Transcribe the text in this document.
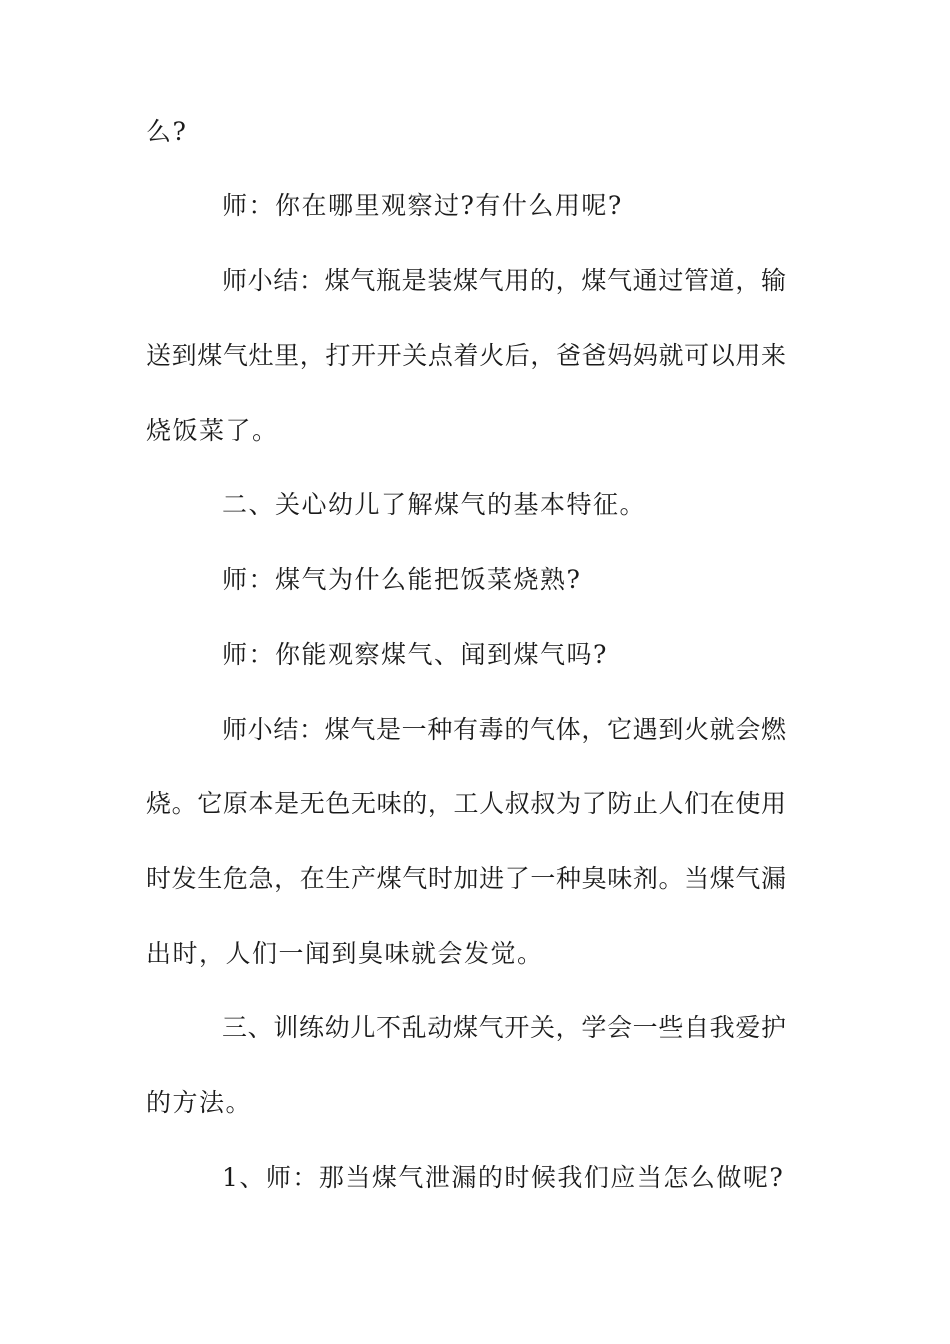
么?
师：你在哪里观察过?有什么用呢?
师小结：煤气瓶是装煤气用的，煤气通过管道，输
送到煤气灶里，打开开关点着火后，爸爸妈妈就可以用来
烧饭菜了。
二、关心幼儿了解煤气的基本特征。
师：煤气为什么能把饭菜烧熟?
师：你能观察煤气、闻到煤气吗?
师小结：煤气是一种有毒的气体，它遇到火就会燃
烧。它原本是无色无味的，工人叔叔为了防止人们在使用
时发生危急，在生产煤气时加进了一种臭味剂。当煤气漏
出时，人们一闻到臭味就会发觉。
三、训练幼儿不乱动煤气开关，学会一些自我爱护
的方法。
1、师：那当煤气泄漏的时候我们应当怎么做呢?
